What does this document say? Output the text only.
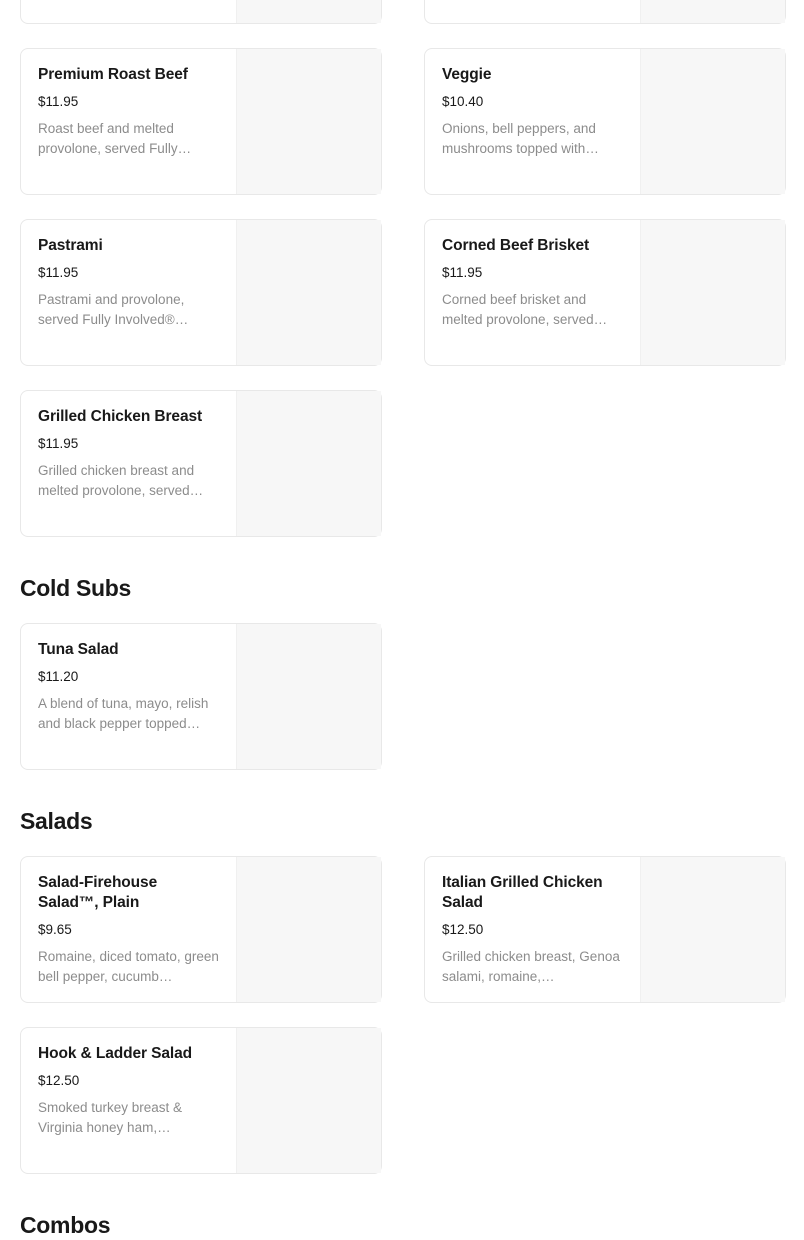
Premium Roast Beef
$11.95
Roast beef and melted provolone, served Fully…
Veggie
$10.40
Onions, bell peppers, and mushrooms topped with…
Pastrami
$11.95
Pastrami and provolone, served Fully Involved®…
Corned Beef Brisket
$11.95
Corned beef brisket and melted provolone, served…
Grilled Chicken Breast
$11.95
Grilled chicken breast and melted provolone, served…
Cold Subs
Tuna Salad
$11.20
A blend of tuna, mayo, relish and black pepper topped…
Salads
Salad-Firehouse Salad™, Plain
$9.65
Romaine, diced tomato, green bell pepper, cucumb…
Italian Grilled Chicken Salad
$12.50
Grilled chicken breast, Genoa salami, romaine,…
Hook & Ladder Salad
$12.50
Smoked turkey breast & Virginia honey ham,…
Combos
